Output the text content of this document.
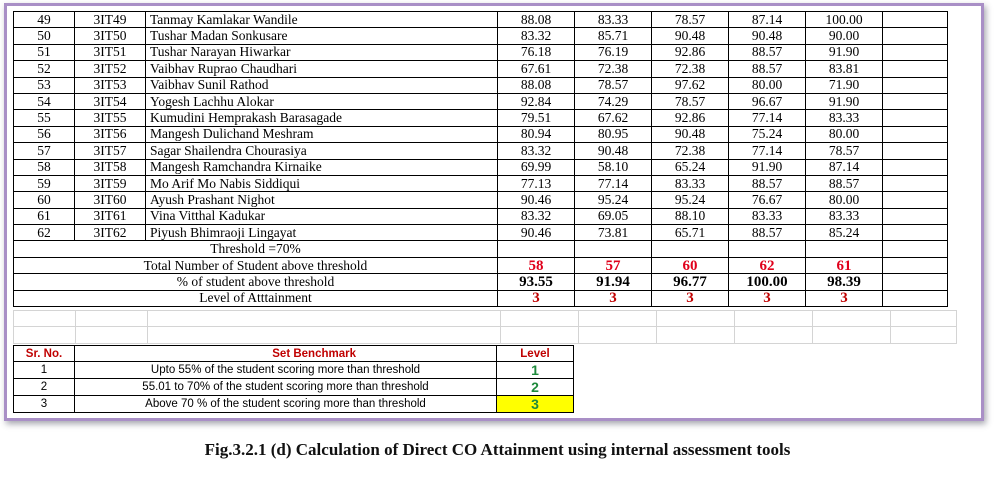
49	3IT49	Tanmay Kamlakar Wandile	88.08	83.33	78.57	87.14	100.00	
50	3IT50	Tushar Madan Sonkusare	83.32	85.71	90.48	90.48	90.00	
51	3IT51	Tushar Narayan Hiwarkar	76.18	76.19	92.86	88.57	91.90	
52	3IT52	Vaibhav Ruprao Chaudhari	67.61	72.38	72.38	88.57	83.81	
53	3IT53	Vaibhav Sunil Rathod	88.08	78.57	97.62	80.00	71.90	
54	3IT54	Yogesh Lachhu Alokar	92.84	74.29	78.57	96.67	91.90	
55	3IT55	Kumudini Hemprakash Barasagade	79.51	67.62	92.86	77.14	83.33	
56	3IT56	Mangesh Dulichand Meshram	80.94	80.95	90.48	75.24	80.00	
57	3IT57	Sagar Shailendra Chourasiya	83.32	90.48	72.38	77.14	78.57	
58	3IT58	Mangesh Ramchandra Kirnaike	69.99	58.10	65.24	91.90	87.14	
59	3IT59	Mo Arif Mo Nabis Siddiqui	77.13	77.14	83.33	88.57	88.57	
60	3IT60	Ayush Prashant Nighot	90.46	95.24	95.24	76.67	80.00	
61	3IT61	Vina Vitthal Kadukar	83.32	69.05	88.10	83.33	83.33	
62	3IT62	Piyush Bhimraoji Lingayat	90.46	73.81	65.71	88.57	85.24	
Threshold =70%								
Total Number of Student above threshold			58	57	60	62	61	
% of student above threshold			93.55	91.94	96.77	100.00	98.39	
Level of Atttainment			3	3	3	3	3	

Sr. No.		Set Benchmark		Level
1	Upto 55% of the student scoring more than threshold			1
2	55.01 to 70% of the student scoring more than threshold			2
3	Above 70 % of the student scoring more than threshold			3
Fig.3.2.1 (d) Calculation of Direct CO Attainment using internal assessment tools
